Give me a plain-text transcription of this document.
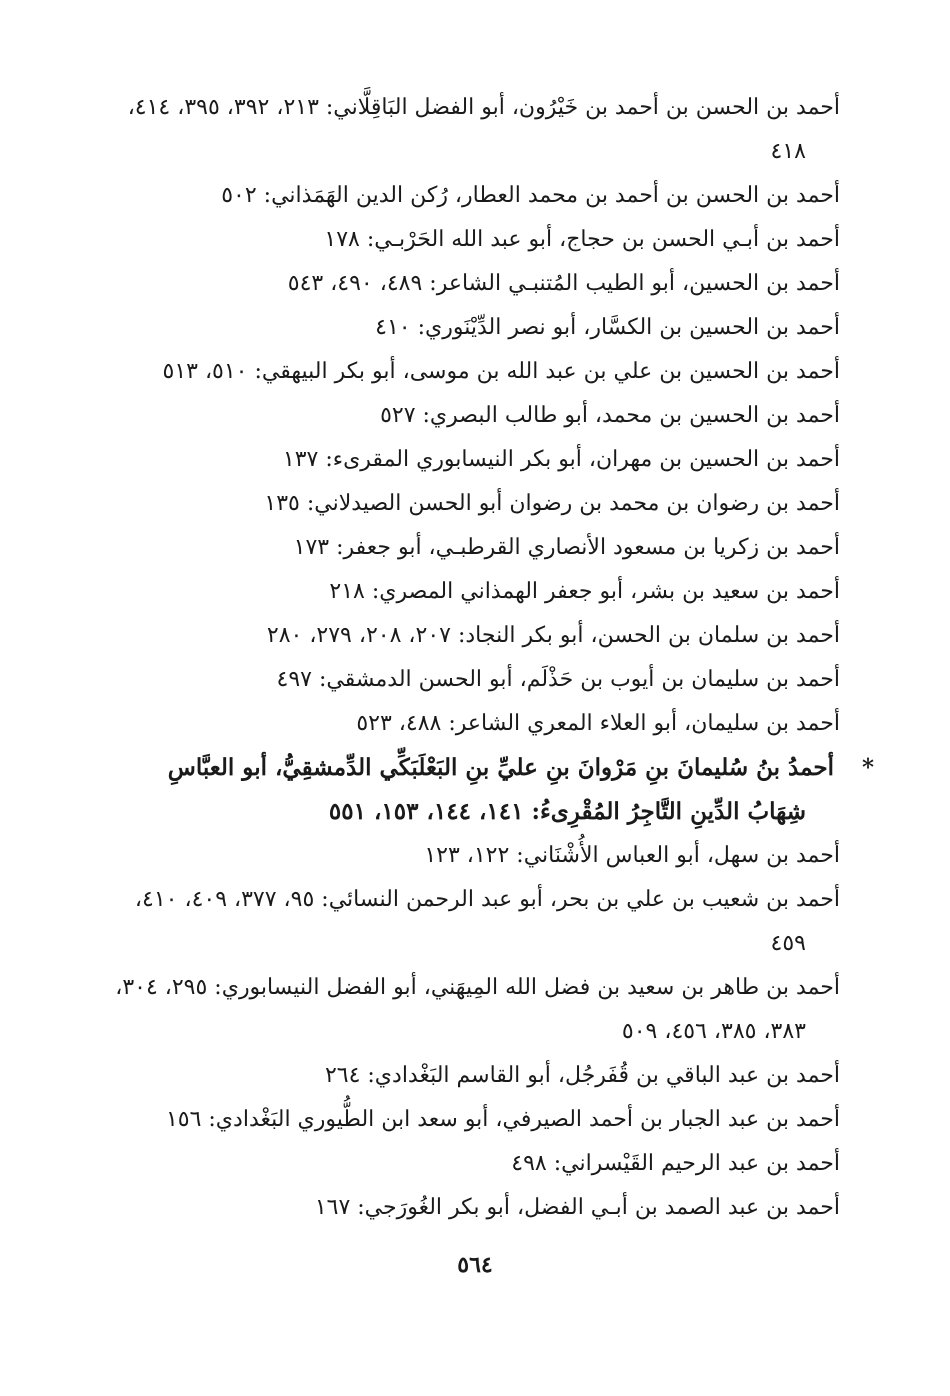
أحمد بن الحسن بن أحمد بن خَيْرُون، أبو الفضل البَاقِلَّاني: ٢١٣، ٣٩٢، ٣٩٥، ٤١٤، ٤١٨

أحمد بن الحسن بن أحمد بن محمد العطار، رُكن الدين الهَمَذاني: ٥٠٢

أحمد بن أبـي الحسن بن حجاج، أبو عبد الله الحَرْبـي: ١٧٨

أحمد بن الحسين، أبو الطيب المُتنبـي الشاعر: ٤٨٩، ٤٩٠، ٥٤٣

أحمد بن الحسين بن الكسَّار، أبو نصر الدِّيْنَوري: ٤١٠

أحمد بن الحسين بن علي بن عبد الله بن موسى، أبو بكر البيهقي: ٥١٠، ٥١٣

أحمد بن الحسين بن محمد، أبو طالب البصري: ٥٢٧

أحمد بن الحسين بن مهران، أبو بكر النيسابوري المقرىء: ١٣٧

أحمد بن رضوان بن محمد بن رضوان أبو الحسن الصيدلاني: ١٣٥

أحمد بن زكريا بن مسعود الأنصاري القرطبـي، أبو جعفر: ١٧٣

أحمد بن سعيد بن بشر، أبو جعفر الهمذاني المصري: ٢١٨

أحمد بن سلمان بن الحسن، أبو بكر النجاد: ٢٠٧، ٢٠٨، ٢٧٩، ٢٨٠

أحمد بن سليمان بن أيوب بن حَذْلَم، أبو الحسن الدمشقي: ٤٩٧

أحمد بن سليمان، أبو العلاء المعري الشاعر: ٤٨٨، ٥٢٣

*أحمدُ بنُ سُليمانَ بنِ مَرْوانَ بنِ عليِّ بنِ البَعْلَبَكِّي الدِّمشقِيُّ، أبو العبَّاسِ شِهَابُ الدِّينِ التَّاجِرُ المُقْرِىءُ: ١٤١، ١٤٤، ١٥٣، ٥٥١

أحمد بن سهل، أبو العباس الأُشْنَاني: ١٢٢، ١٢٣

أحمد بن شعيب بن علي بن بحر، أبو عبد الرحمن النسائي: ٩٥، ٣٧٧، ٤٠٩، ٤١٠، ٤٥٩

أحمد بن طاهر بن سعيد بن فضل الله المِيهَني، أبو الفضل النيسابوري: ٢٩٥، ٣٠٤، ٣٨٣، ٣٨٥، ٤٥٦، ٥٠٩

أحمد بن عبد الباقي بن قُفَرجُل، أبو القاسم البَغْدادي: ٢٦٤

أحمد بن عبد الجبار بن أحمد الصيرفي، أبو سعد ابن الطُّيوري البَغْدادي: ١٥٦

أحمد بن عبد الرحيم القَيْسراني: ٤٩٨

أحمد بن عبد الصمد بن أبـي الفضل، أبو بكر الغُورَجي: ١٦٧

٥٦٤
